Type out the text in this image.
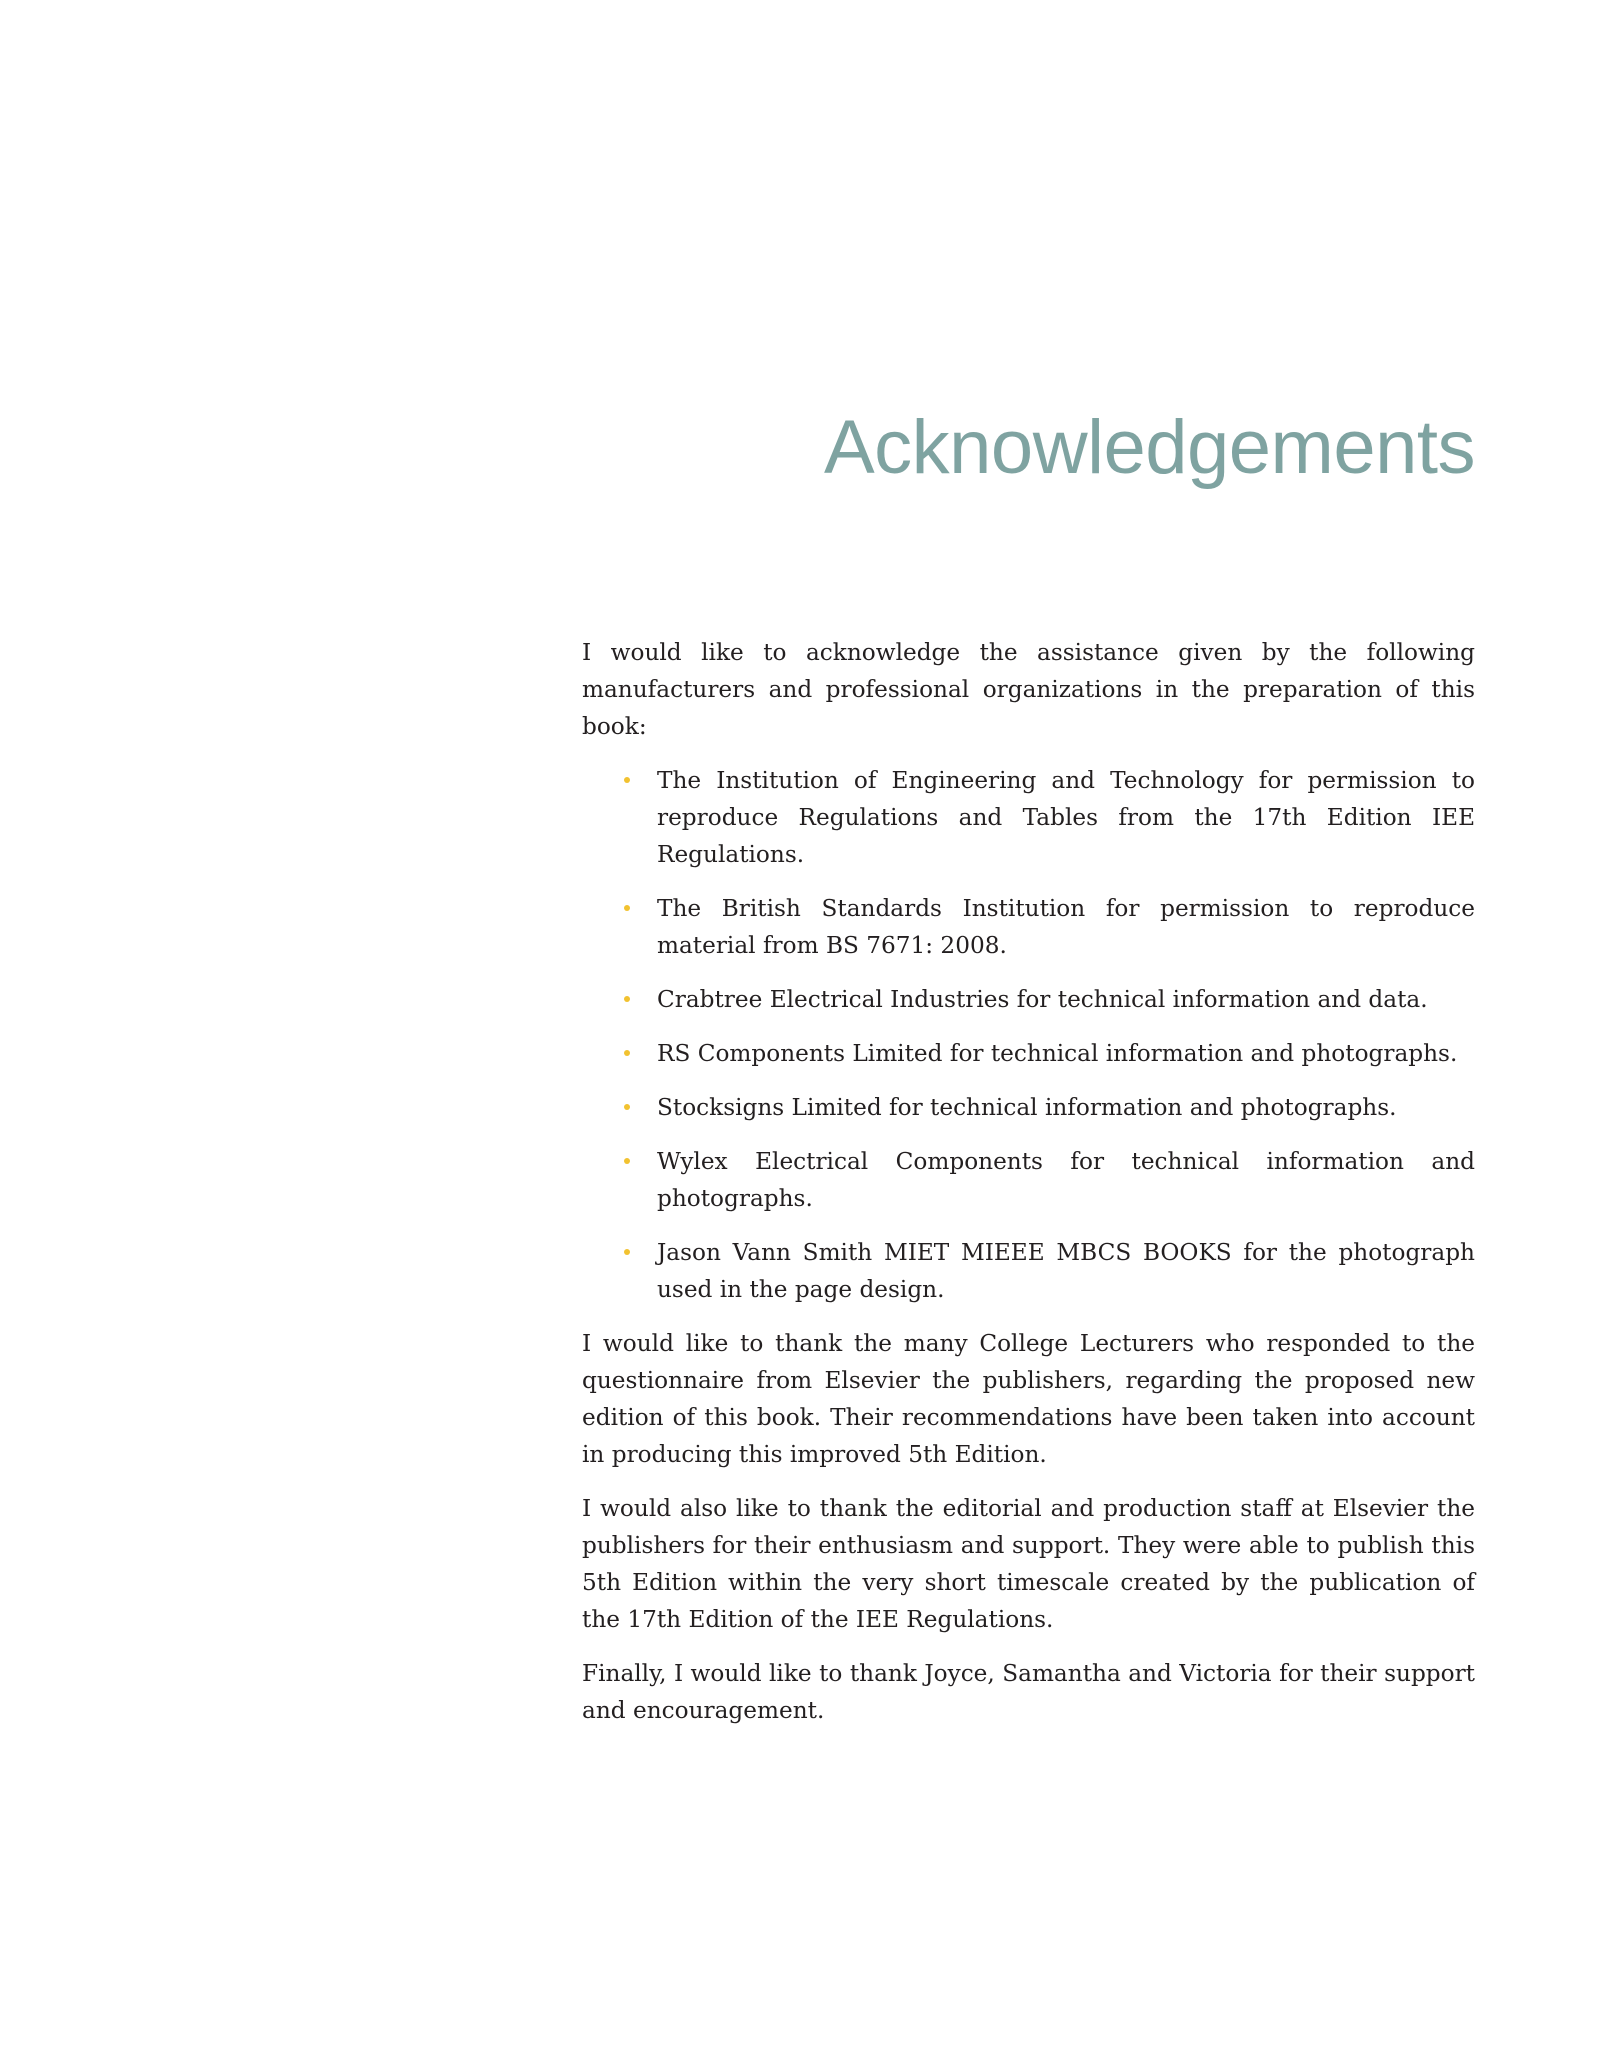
Acknowledgements

I would like to acknowledge the assistance given by the following manufacturers and professional organizations in the preparation of this book:

The Institution of Engineering and Technology for permission to reproduce Regulations and Tables from the 17th Edition IEE Regulations.
The British Standards Institution for permission to reproduce material from BS 7671: 2008.
Crabtree Electrical Industries for technical information and data.
RS Components Limited for technical information and photographs.
Stocksigns Limited for technical information and photographs.
Wylex Electrical Components for technical information and photographs.
Jason Vann Smith MIET MIEEE MBCS BOOKS for the photograph used in the page design.

I would like to thank the many College Lecturers who responded to the questionnaire from Elsevier the publishers, regarding the proposed new edition of this book. Their recommendations have been taken into account in producing this improved 5th Edition.

I would also like to thank the editorial and production staff at Elsevier the publishers for their enthusiasm and support. They were able to publish this 5th Edition within the very short timescale created by the publication of the 17th Edition of the IEE Regulations.

Finally, I would like to thank Joyce, Samantha and Victoria for their support and encouragement.
